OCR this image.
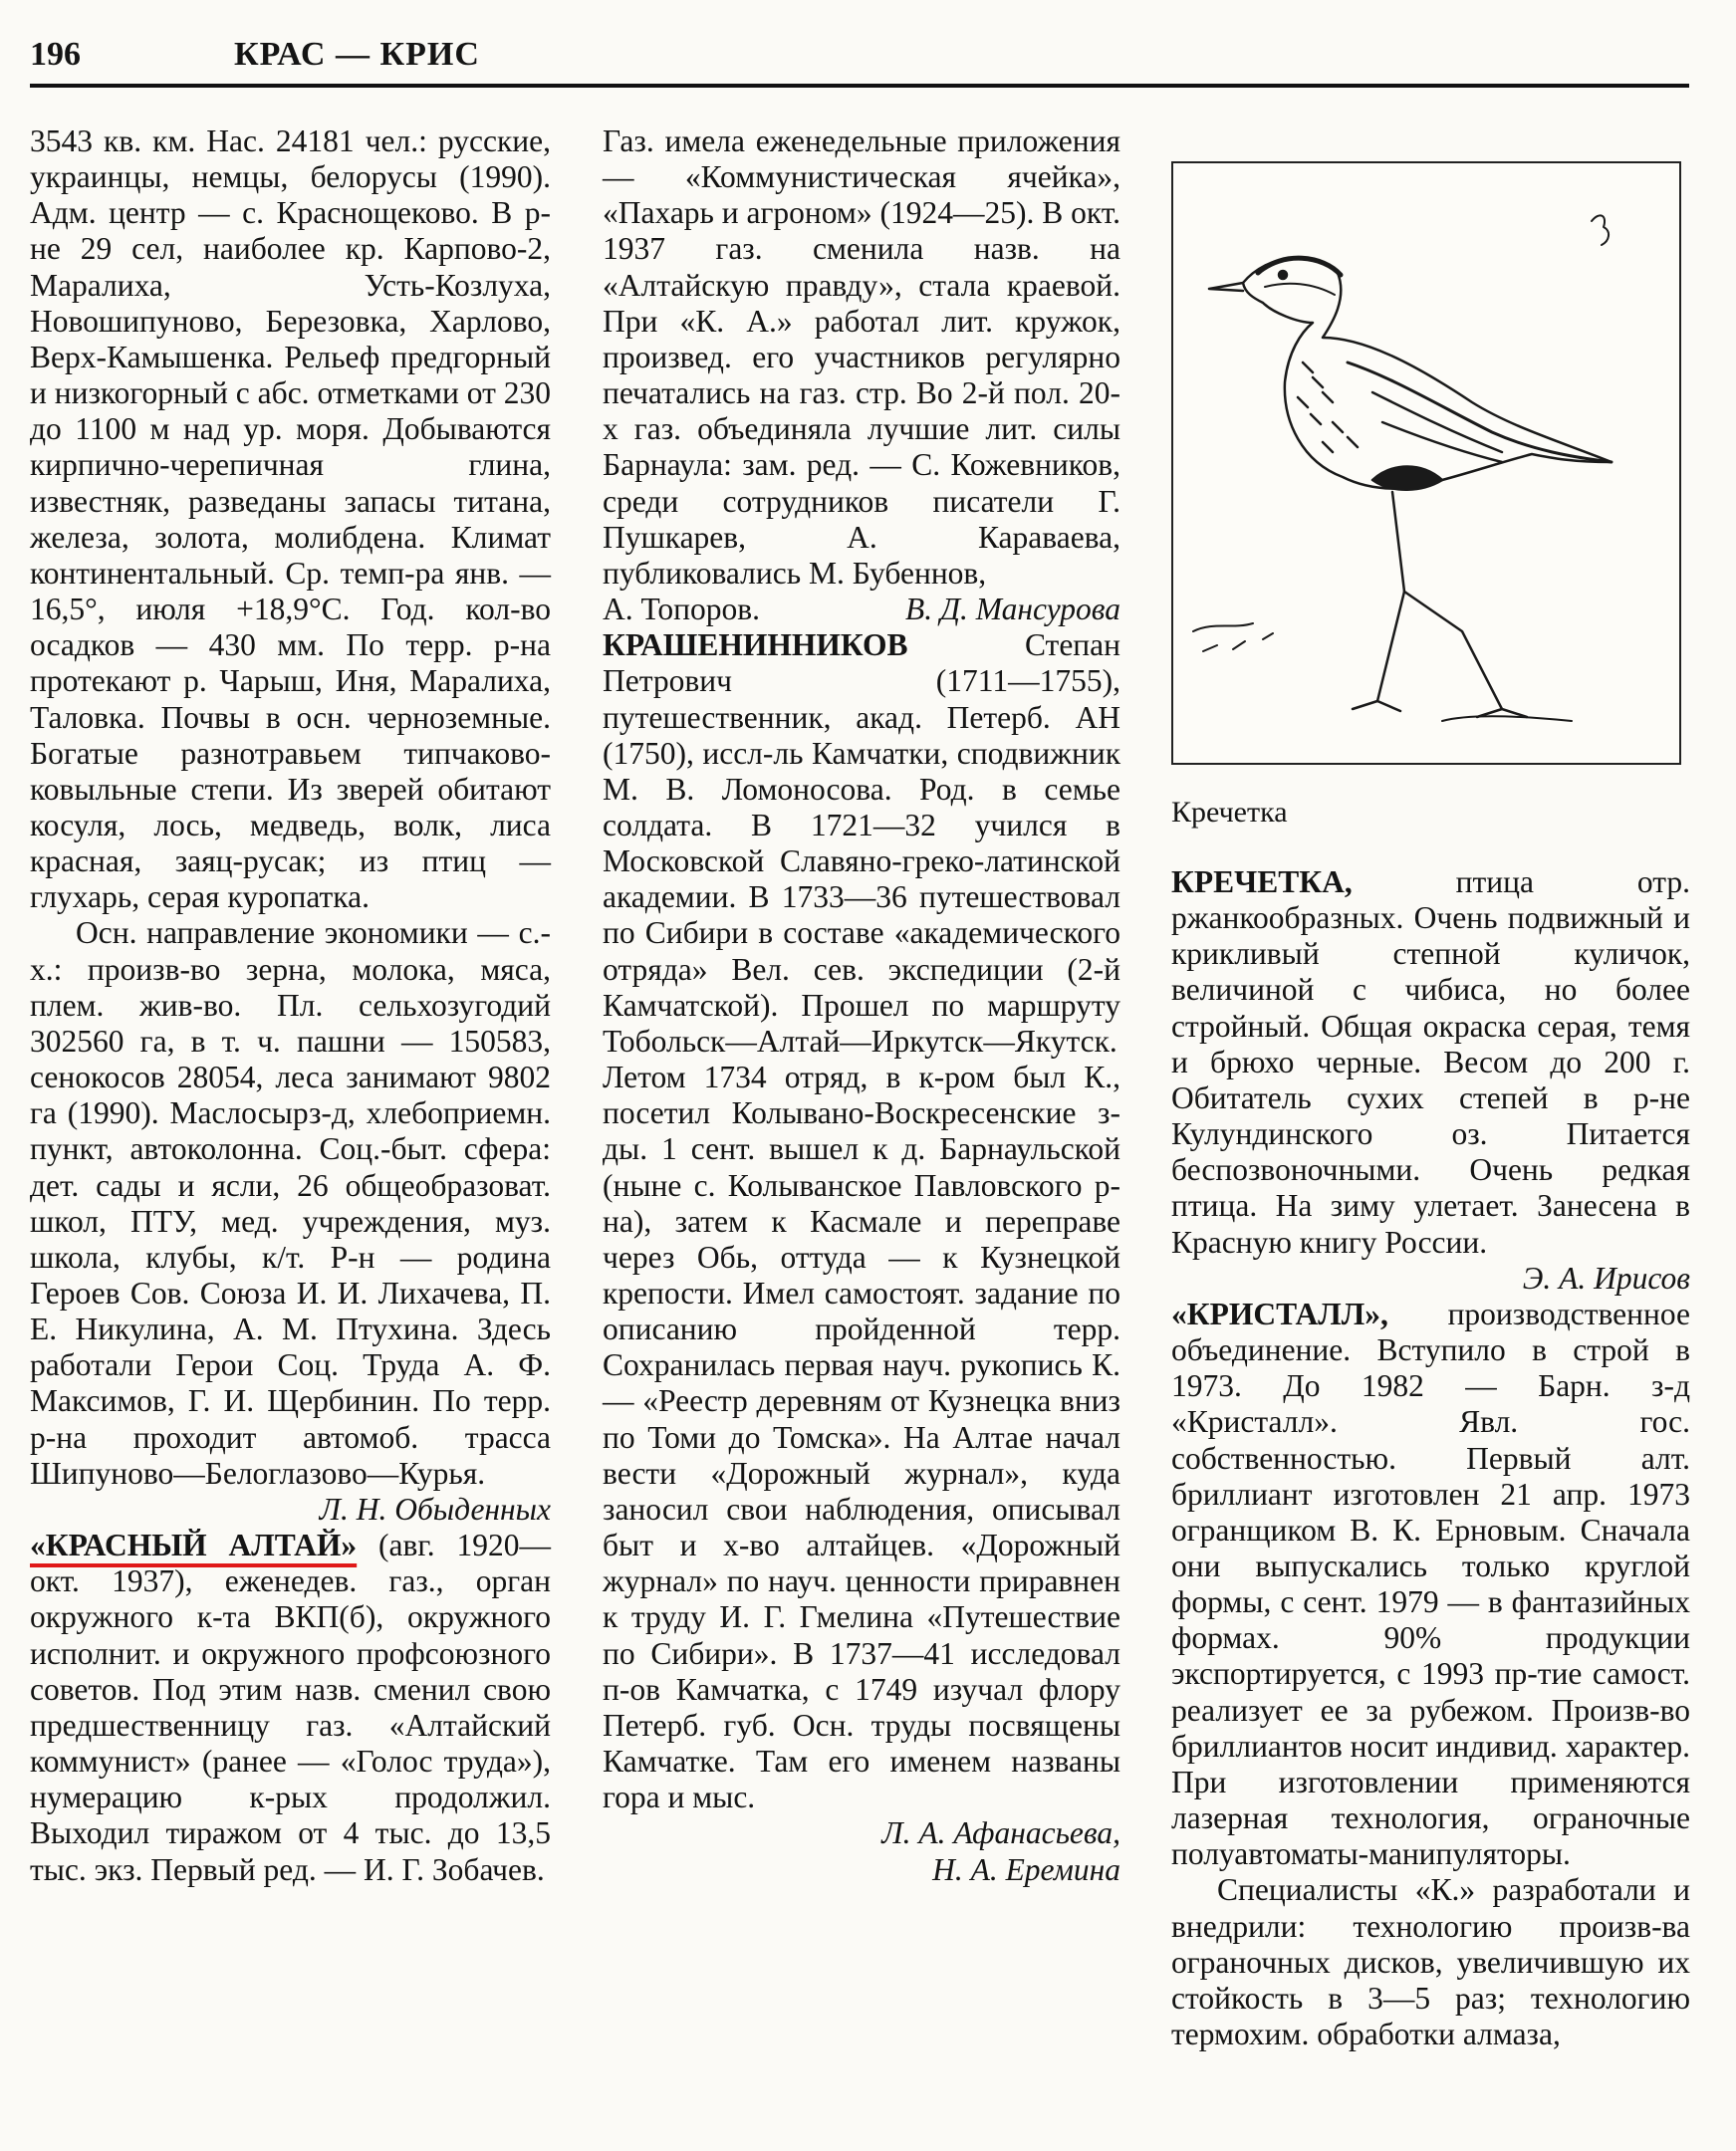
196	КРАС — КРИС

3543 кв. км. Нас. 24181 чел.: русские, украинцы, немцы, белорусы (1990). Адм. центр — с. Краснощеково. В р-не 29 сел, наиболее кр. Карпово-2, Маралиха, Усть-Козлуха, Новошипуново, Березовка, Харлово, Верх-Камышенка. Рельеф предгорный и низкогорный с абс. отметками от 230 до 1100 м над ур. моря. Добываются кирпично-черепичная глина, известняк, разведаны запасы титана, железа, золота, молибдена. Климат континентальный. Ср. темп-ра янв. —16,5°, июля +18,9°С. Год. кол-во осадков — 430 мм. По терр. р-на протекают р. Чарыш, Иня, Маралиха, Таловка. Почвы в осн. черноземные. Богатые разнотравьем типчаково-ковыльные степи. Из зверей обитают косуля, лось, медведь, волк, лиса красная, заяц-русак; из птиц — глухарь, серая куропатка.

Осн. направление экономики — с.-х.: произв-во зерна, молока, мяса, плем. жив-во. Пл. сельхозугодий 302560 га, в т. ч. пашни — 150583, сенокосов 28054, леса занимают 9802 га (1990). Маслосырз-д, хлебоприемн. пункт, автоколонна. Соц.-быт. сфера: дет. сады и ясли, 26 общеобразоват. школ, ПТУ, мед. учреждения, муз. школа, клубы, к/т. Р-н — родина Героев Сов. Союза И. И. Лихачева, П. Е. Никулина, А. М. Птухина. Здесь работали Герои Соц. Труда А. Ф. Максимов, Г. И. Щербинин. По терр. р-на проходит автомоб. трасса Шипуново—Белоглазово—Курья.

Л. Н. Обыденных

«КРАСНЫЙ АЛТАЙ» (авг. 1920—окт. 1937), еженедев. газ., орган окружного к-та ВКП(б), окружного исполнит. и окружного профсоюзного советов. Под этим назв. сменил свою предшественницу газ. «Алтайский коммунист» (ранее — «Голос труда»), нумерацию к-рых продолжил. Выходил тиражом от 4 тыс. до 13,5 тыс. экз. Первый ред. — И. Г. Зобачев.

Газ. имела еженедельные приложения — «Коммунистическая ячейка», «Пахарь и агроном» (1924—25). В окт. 1937 газ. сменила назв. на «Алтайскую правду», стала краевой. При «К. А.» работал лит. кружок, произвед. его участников регулярно печатались на газ. стр. Во 2-й пол. 20-х газ. объединяла лучшие лит. силы Барнаула: зам. ред. — С. Кожевников, среди сотрудников писатели Г. Пушкарев, А. Караваева, публиковались М. Бубеннов,

А. Топоров.	В. Д. Мансурова

КРАШЕНИННИКОВ	Степан Петрович (1711—1755), путешественник, акад. Петерб. АН (1750), иссл-ль Камчатки, сподвижник М. В. Ломоносова. Род. в семье солдата. В 1721—32 учился в Московской Славяно-греко-латинской академии. В 1733—36 путешествовал по Сибири в составе «академического отряда» Вел. сев. экспедиции (2-й Камчатской). Прошел по маршруту Тобольск—Алтай—Иркутск—Якутск. Летом 1734 отряд, в к-ром был К., посетил Колывано-Воскресенские з-ды. 1 сент. вышел к д. Барнаульской (ныне с. Колыванское Павловского р-на), затем к Касмале и переправе через Обь, оттуда — к Кузнецкой крепости. Имел самостоят. задание по описанию пройденной терр. Сохранилась первая науч. рукопись К. — «Реестр деревням от Кузнецка вниз по Томи до Томска». На Алтае начал вести «Дорожный журнал», куда заносил свои наблюдения, описывал быт и х-во алтайцев. «Дорожный журнал» по науч. ценности приравнен к труду И. Г. Гмелина «Путешествие по Сибири». В 1737—41 исследовал п-ов Камчатка, с 1749 изучал флору Петерб. губ. Осн. труды посвящены Камчатке. Там его именем названы гора и мыс.

Л. А. Афанасьева,

Н. А. Еремина

Кречетка

КРЕЧЕТКА,	птица отр. ржанкообразных. Очень подвижный и крикливый степной куличок, величиной с чибиса, но более стройный. Общая окраска серая, темя и брюхо черные. Весом до 200 г. Обитатель сухих степей в р-не Кулундинского оз. Питается беспозвоночными. Очень редкая птица. На зиму улетает. Занесена в Красную книгу России.

Э. А. Ирисов

«КРИСТАЛЛ», производственное объединение. Вступило в строй в 1973. До 1982 — Барн. з-д «Кристалл». Явл. гос. собственностью. Первый алт. бриллиант изготовлен 21 апр. 1973 огранщиком В. К. Ерновым. Сначала они выпускались только круглой формы, с сент. 1979 — в фантазийных формах. 90% продукции экспортируется, с 1993 пр-тие самост. реализует ее за рубежом. Произв-во бриллиантов носит индивид. характер. При изготовлении применяются лазерная технология, ограночные полуавтоматы-манипуляторы.

Специалисты «К.» разработали и внедрили: технологию произв-ва ограночных дисков, увеличившую их стойкость в 3—5 раз; технологию термохим. обработки алмаза,
